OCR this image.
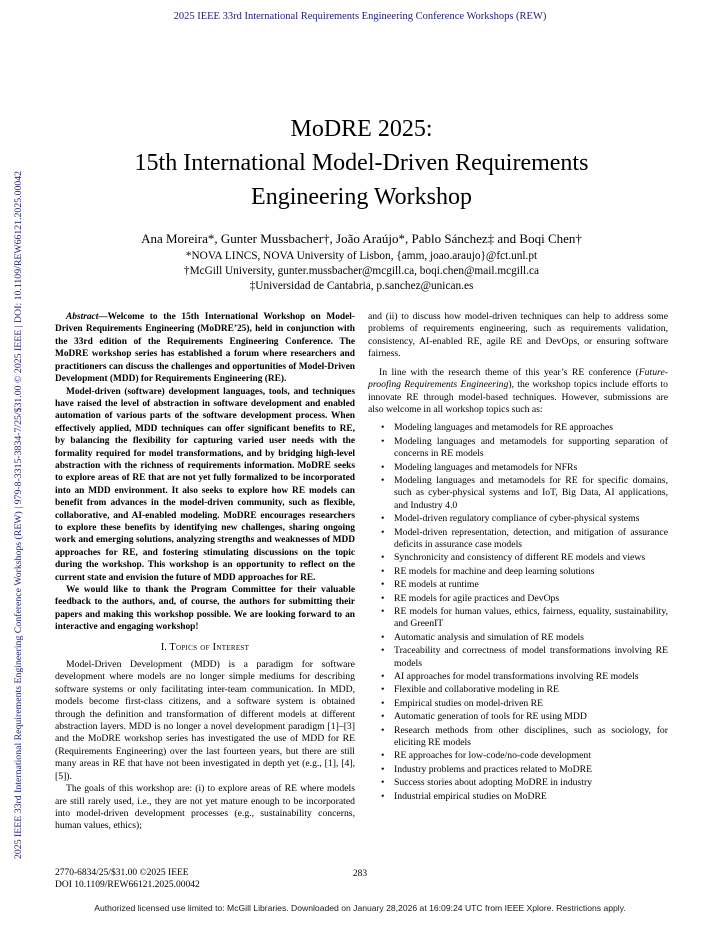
2025 IEEE 33rd International Requirements Engineering Conference Workshops (REW)
2025 IEEE 33rd International Requirements Engineering Conference Workshops (REW) | 979-8-3315-3834-7/25/$31.00 © 2025 IEEE | DOI: 10.1109/REW66121.2025.00042
MoDRE 2025:
15th International Model-Driven Requirements
Engineering Workshop
Ana Moreira*, Gunter Mussbacher†, João Araújo*, Pablo Sánchez‡ and Boqi Chen†
*NOVA LINCS, NOVA University of Lisbon, {amm, joao.araujo}@fct.unl.pt
†McGill University, gunter.mussbacher@mcgill.ca, boqi.chen@mail.mcgill.ca
‡Universidad de Cantabria, p.sanchez@unican.es

Abstract—Welcome to the 15th International Workshop on Model-Driven Requirements Engineering (MoDRE’25), held in conjunction with the 33rd edition of the Requirements Engineering Conference. The MoDRE workshop series has established a forum where researchers and practitioners can discuss the challenges and opportunities of Model-Driven Development (MDD) for Requirements Engineering (RE).

Model-driven (software) development languages, tools, and techniques have raised the level of abstraction in software development and enabled automation of various parts of the software development process. When effectively applied, MDD techniques can offer significant benefits to RE, by balancing the flexibility for capturing varied user needs with the formality required for model transformations, and by bridging high-level abstraction with the richness of requirements information. MoDRE seeks to explore areas of RE that are not yet fully formalized to be incorporated into an MDD environment. It also seeks to explore how RE models can benefit from advances in the model-driven community, such as flexible, collaborative, and AI-enabled modeling. MoDRE encourages researchers to explore these benefits by identifying new challenges, sharing ongoing work and emerging solutions, analyzing strengths and weaknesses of MDD approaches for RE, and fostering stimulating discussions on the topic during the workshop. This workshop is an opportunity to reflect on the current state and envision the future of MDD approaches for RE.

We would like to thank the Program Committee for their valuable feedback to the authors, and, of course, the authors for submitting their papers and making this workshop possible. We are looking forward to an interactive and engaging workshop!

I. Topics of Interest

Model-Driven Development (MDD) is a paradigm for software development where models are no longer simple mediums for describing software systems or only facilitating inter-team communication. In MDD, models become first-class citizens, and a software system is obtained through the definition and transformation of different models at different abstraction layers. MDD is no longer a novel development paradigm [1]–[3] and the MoDRE workshop series has investigated the use of MDD for RE (Requirements Engineering) over the last fourteen years, but there are still many areas in RE that have not been investigated in depth yet (e.g., [1], [4], [5]).

The goals of this workshop are: (i) to explore areas of RE where models are still rarely used, i.e., they are not yet mature enough to be incorporated into model-driven development processes (e.g., sustainability concerns, human values, ethics);

and (ii) to discuss how model-driven techniques can help to address some problems of requirements engineering, such as requirements validation, consistency, AI-enabled RE, agile RE and DevOps, or ensuring software fairness.

In line with the research theme of this year’s RE conference (Future-proofing Requirements Engineering), the workshop topics include efforts to innovate RE through model-based techniques. However, submissions are also welcome in all workshop topics such as:

• Modeling languages and metamodels for RE approaches
• Modeling languages and metamodels for supporting separation of concerns in RE models
• Modeling languages and metamodels for NFRs
• Modeling languages and metamodels for RE for specific domains, such as cyber-physical systems and IoT, Big Data, AI applications, and Industry 4.0
• Model-driven regulatory compliance of cyber-physical systems
• Model-driven representation, detection, and mitigation of assurance deficits in assurance case models
• Synchronicity and consistency of different RE models and views
• RE models for machine and deep learning solutions
• RE models at runtime
• RE models for agile practices and DevOps
• RE models for human values, ethics, fairness, equality, sustainability, and GreenIT
• Automatic analysis and simulation of RE models
• Traceability and correctness of model transformations involving RE models
• AI approaches for model transformations involving RE models
• Flexible and collaborative modeling in RE
• Empirical studies on model-driven RE
• Automatic generation of tools for RE using MDD
• Research methods from other disciplines, such as sociology, for eliciting RE models
• RE approaches for low-code/no-code development
• Industry problems and practices related to MoDRE
• Success stories about adopting MoDRE in industry
• Industrial empirical studies on MoDRE
2770-6834/25/$31.00 ©2025 IEEE
DOI 10.1109/REW66121.2025.00042
283
Authorized licensed use limited to: McGill Libraries. Downloaded on January 28,2026 at 16:09:24 UTC from IEEE Xplore. Restrictions apply.
